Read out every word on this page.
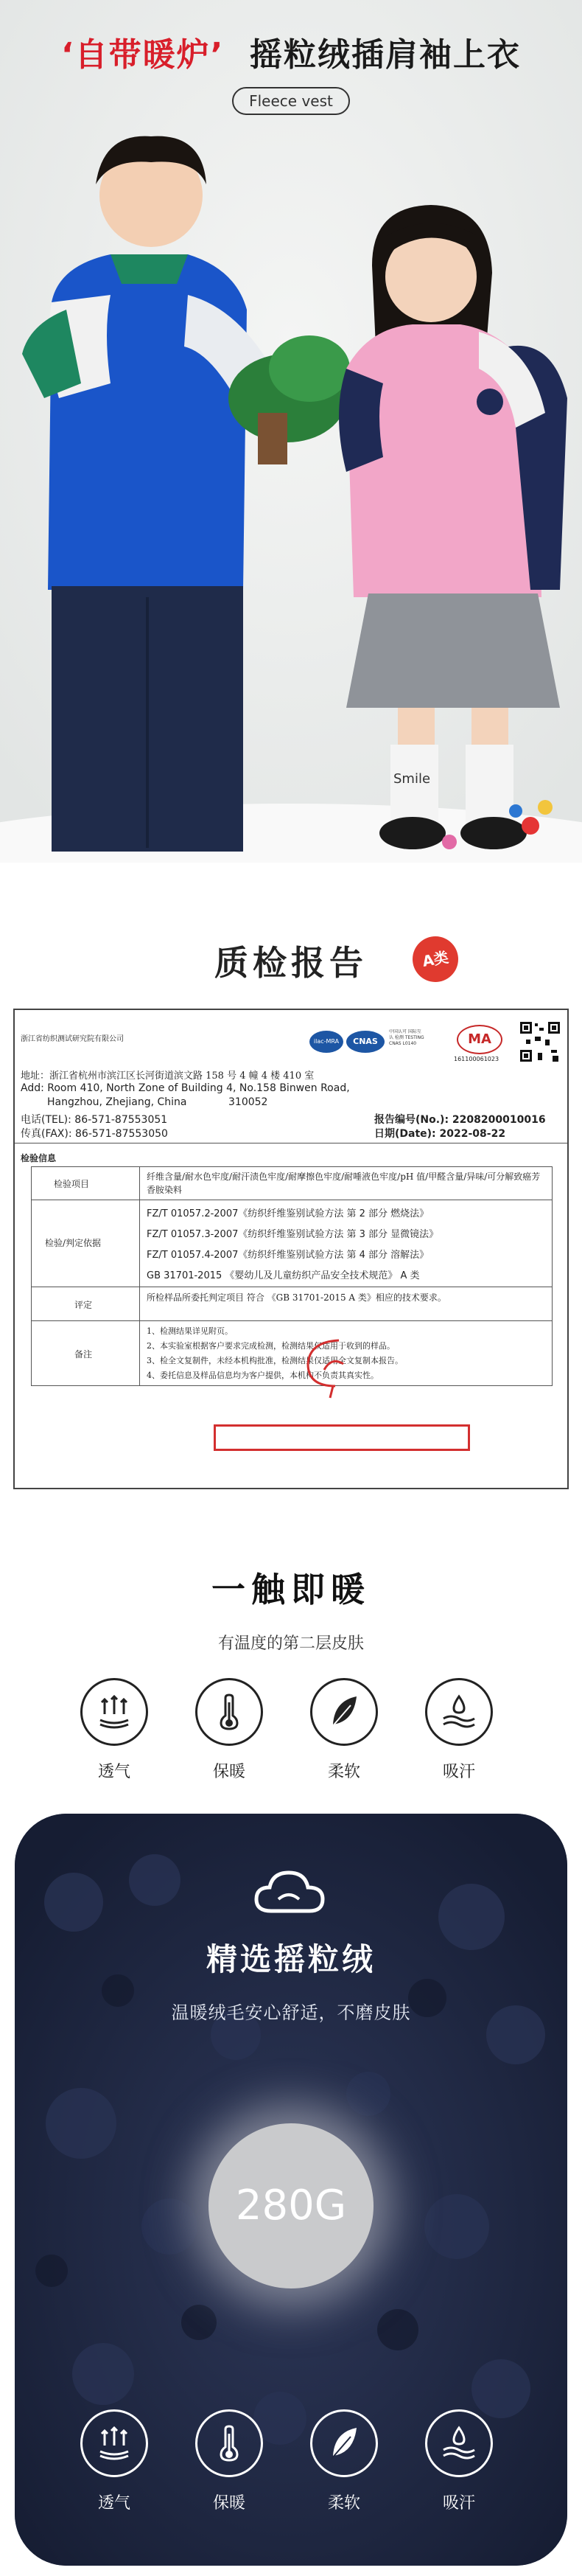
Smile
‘自带暖炉’ 摇粒绒插肩袖上衣
Fleece vest
质检报告	A类
浙江省纺织测试研究院有限公司	ilac-MRA	CNAS
中国认可 国际互认 检测 TESTING CNAS L0140	MA
161100061023
地址：浙江省杭州市滨江区长河街道滨文路 158 号 4 幢 4 楼 410 室
Add: Room 410, North Zone of Building 4, No.158 Binwen Road,
Hangzhou, Zhejiang, China	310052
电话(TEL): 86-571-87553051
传真(FAX): 86-571-87553050
报告编号(No.): 2208200010016
日期(Date): 2022-08-22
检验信息
检验项目
纤维含量/耐水色牢度/耐汗渍色牢度/耐摩擦色牢度/耐唾液色牢度/pH 值/甲醛含量/异味/可分解致癌芳香胺染料
检验/判定依据
FZ/T 01057.2-2007《纺织纤维鉴别试验方法 第 2 部分 燃烧法》
FZ/T 01057.3-2007《纺织纤维鉴别试验方法 第 3 部分 显微镜法》
FZ/T 01057.4-2007《纺织纤维鉴别试验方法 第 4 部分 溶解法》
GB 31701-2015 《婴幼儿及儿童纺织产品安全技术规范》 A 类
评定
所检样品所委托判定项目 符合 《GB 31701-2015 A 类》相应的技术要求。
备注
1、检测结果详见附页。
2、本实验室根据客户要求完成检测，检测结果仅适用于收到的样品。
3、检全文复制件，未经本机构批准，检测结果仅适用全文复制本报告。
4、委托信息及样品信息均为客户提供，本机构不负责其真实性。
一触即暖
有温度的第二层皮肤
透气	保暖	柔软	吸汗
精选摇粒绒
温暖绒毛安心舒适，不磨皮肤
280G
透气	保暖	柔软	吸汗
